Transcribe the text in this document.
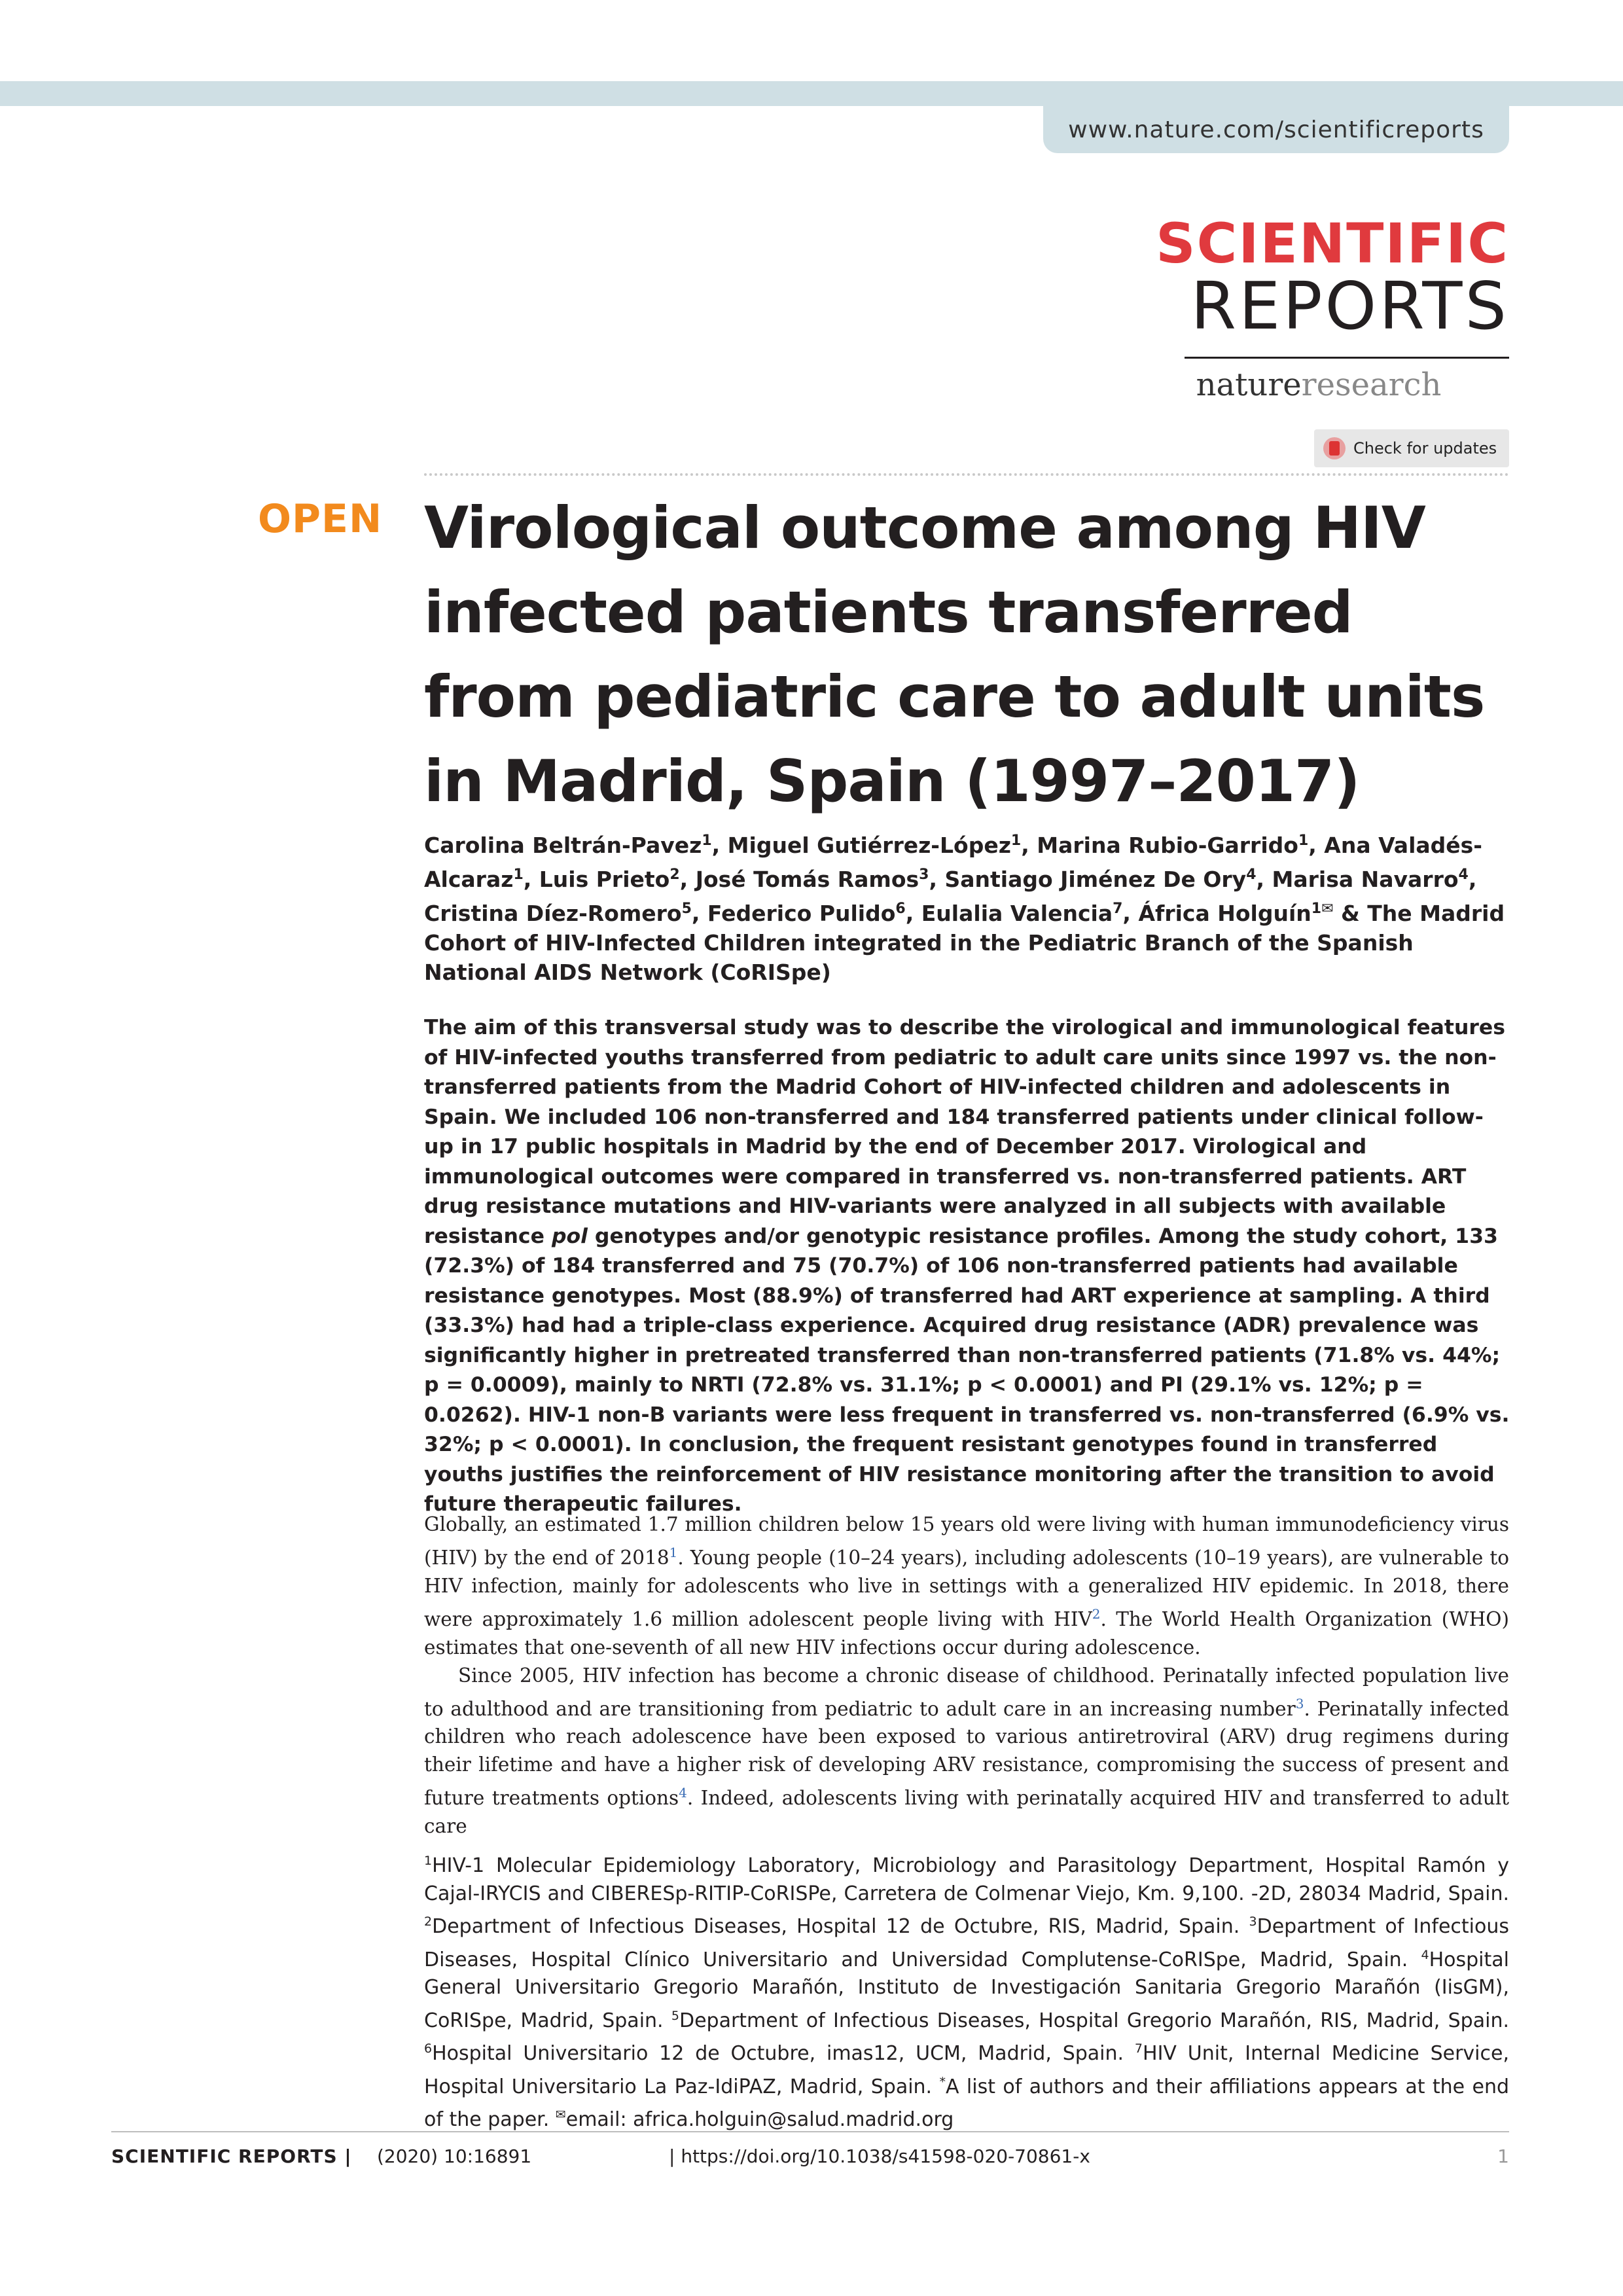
www.nature.com/scientificreports
SCIENTIFIC
REPORTS
natureresearch
Check for updates
OPEN Virological outcome among HIV infected patients transferred from pediatric care to adult units in Madrid, Spain (1997–2017)
Carolina Beltrán-Pavez$^1$, Miguel Gutiérrez-López$^1$, Marina Rubio-Garrido$^1$, Ana Valadés-Alcaraz$^1$, Luis Prieto$^2$, José Tomás Ramos$^3$, Santiago Jiménez De Ory$^4$, Marisa Navarro$^4$, Cristina Díez-Romero$^5$, Federico Pulido$^6$, Eulalia Valencia$^7$, África Holguín$^{1✉}$ & The Madrid Cohort of HIV-Infected Children integrated in the Pediatric Branch of the Spanish National AIDS Network (CoRISpe)
The aim of this transversal study was to describe the virological and immunological features of HIV-infected youths transferred from pediatric to adult care units since 1997 vs. the non-transferred patients from the Madrid Cohort of HIV-infected children and adolescents in Spain. We included 106 non-transferred and 184 transferred patients under clinical follow-up in 17 public hospitals in Madrid by the end of December 2017. Virological and immunological outcomes were compared in transferred vs. non-transferred patients. ART drug resistance mutations and HIV-variants were analyzed in all subjects with available resistance pol genotypes and/or genotypic resistance profiles. Among the study cohort, 133 (72.3%) of 184 transferred and 75 (70.7%) of 106 non-transferred patients had available resistance genotypes. Most (88.9%) of transferred had ART experience at sampling. A third (33.3%) had had a triple-class experience. Acquired drug resistance (ADR) prevalence was significantly higher in pretreated transferred than non-transferred patients (71.8% vs. 44%; p = 0.0009), mainly to NRTI (72.8% vs. 31.1%; p < 0.0001) and PI (29.1% vs. 12%; p = 0.0262). HIV-1 non-B variants were less frequent in transferred vs. non-transferred (6.9% vs. 32%; p < 0.0001). In conclusion, the frequent resistant genotypes found in transferred youths justifies the reinforcement of HIV resistance monitoring after the transition to avoid future therapeutic failures.

Globally, an estimated 1.7 million children below 15 years old were living with human immunodeficiency virus (HIV) by the end of 2018$^1$. Young people (10–24 years), including adolescents (10–19 years), are vulnerable to HIV infection, mainly for adolescents who live in settings with a generalized HIV epidemic. In 2018, there were approximately 1.6 million adolescent people living with HIV$^2$. The World Health Organization (WHO) estimates that one-seventh of all new HIV infections occur during adolescence.

Since 2005, HIV infection has become a chronic disease of childhood. Perinatally infected population live to adulthood and are transitioning from pediatric to adult care in an increasing number$^3$. Perinatally infected children who reach adolescence have been exposed to various antiretroviral (ARV) drug regimens during their lifetime and have a higher risk of developing ARV resistance, compromising the success of present and future treatments options$^4$. Indeed, adolescents living with perinatally acquired HIV and transferred to adult care

$^1$HIV-1 Molecular Epidemiology Laboratory, Microbiology and Parasitology Department, Hospital Ramón y Cajal-IRYCIS and CIBERESp-RITIP-CoRISPe, Carretera de Colmenar Viejo, Km. 9,100. -2D, 28034 Madrid, Spain. $^2$Department of Infectious Diseases, Hospital 12 de Octubre, RIS, Madrid, Spain. $^3$Department of Infectious Diseases, Hospital Clínico Universitario and Universidad Complutense-CoRISpe, Madrid, Spain. $^4$Hospital General Universitario Gregorio Marañón, Instituto de Investigación Sanitaria Gregorio Marañón (IisGM), CoRISpe, Madrid, Spain. $^5$Department of Infectious Diseases, Hospital Gregorio Marañón, RIS, Madrid, Spain. $^6$Hospital Universitario 12 de Octubre, imas12, UCM, Madrid, Spain. $^7$HIV Unit, Internal Medicine Service, Hospital Universitario La Paz-IdiPAZ, Madrid, Spain. *A list of authors and their affiliations appears at the end of the paper. ✉email: africa.holguin@salud.madrid.org
SCIENTIFIC REPORTS | (2020) 10:16891	| https://doi.org/10.1038/s41598-020-70861-x	1
